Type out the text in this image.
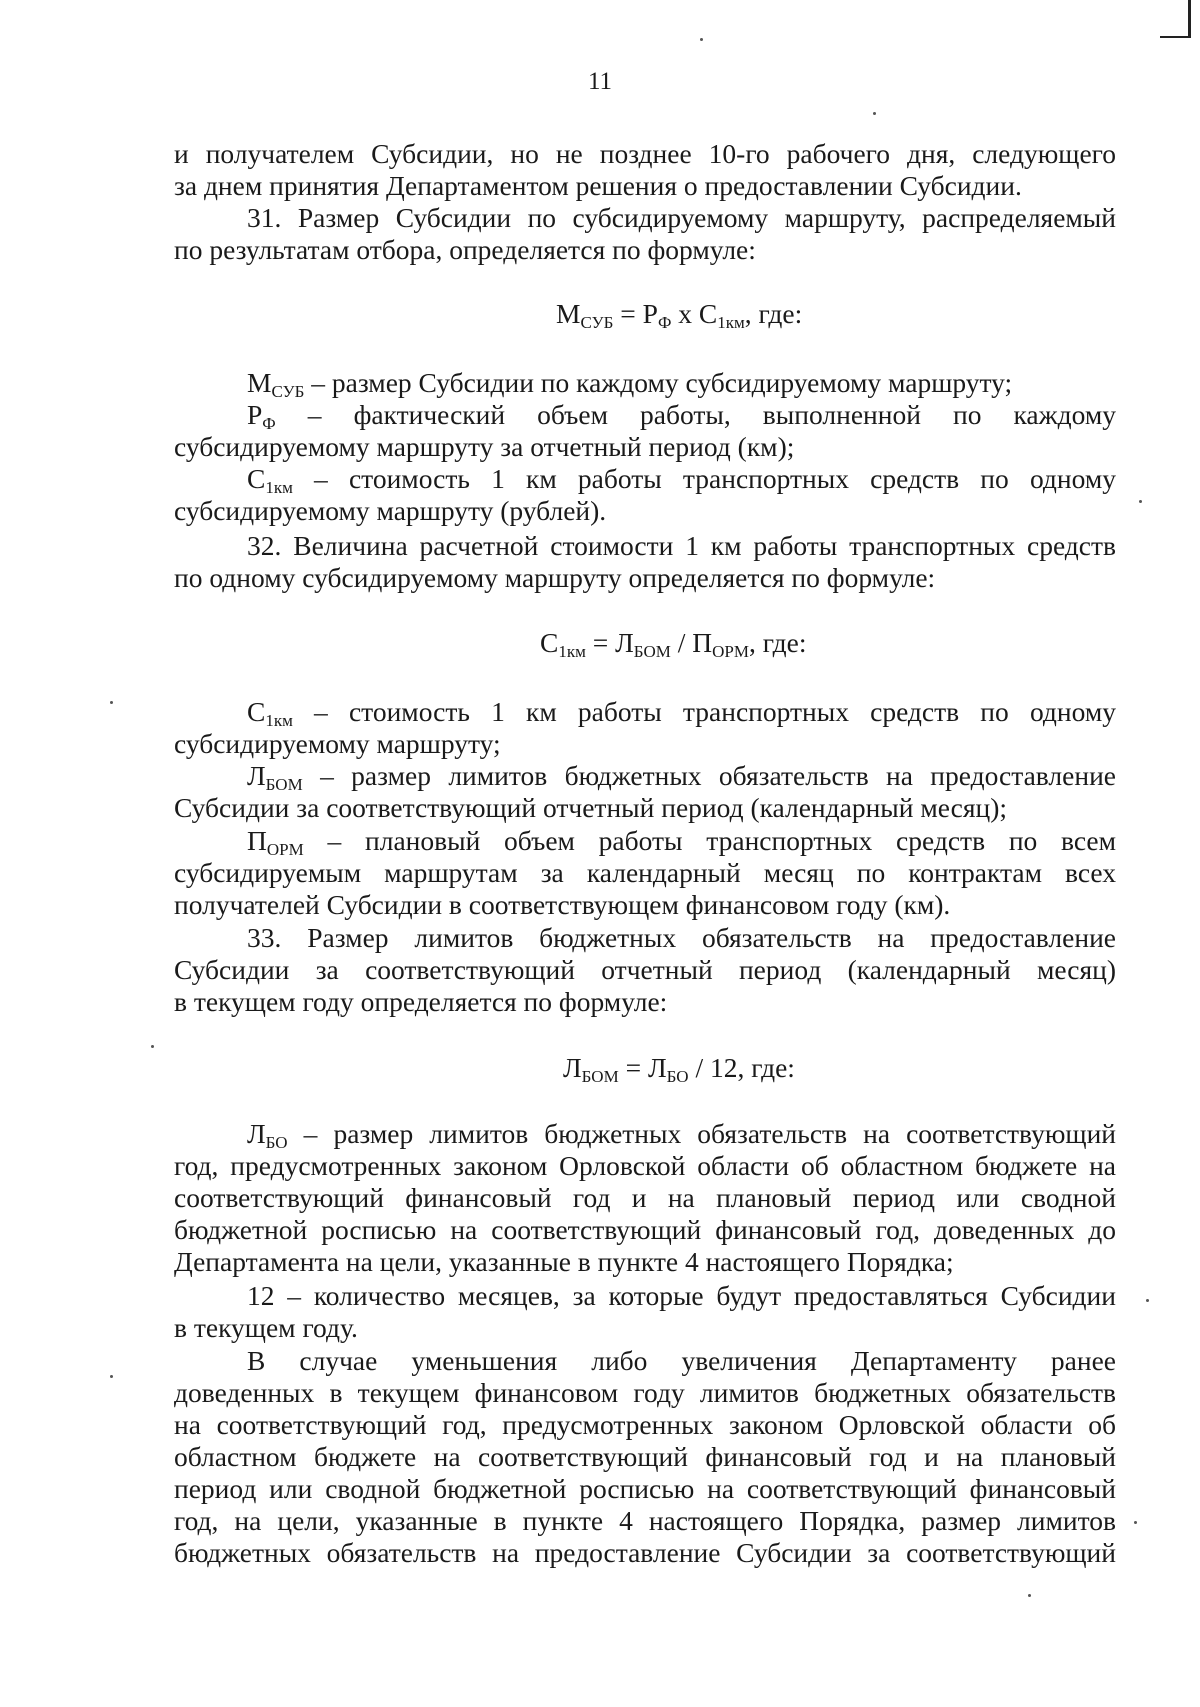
11
и получателем Субсидии, но не позднее 10-го рабочего дня, следующего
за днем принятия Департаментом решения о предоставлении Субсидии.
31. Размер Субсидии по субсидируемому маршруту, распределяемый
по результатам отбора, определяется по формуле:
$М_{СУБ} = Р_Ф$ х $С_{1км}$, где:
$М_{СУБ}$ – размер Субсидии по каждому субсидируемому маршруту;
$Р_Ф$ – фактический объем работы, выполненной по каждому
субсидируемому маршруту за отчетный период (км);
$С_{1км}$ – стоимость 1 км работы транспортных средств по одному
субсидируемому маршруту (рублей).
32. Величина расчетной стоимости 1 км работы транспортных средств
по одному субсидируемому маршруту определяется по формуле:
$С_{1км} = Л_{БОМ} / П_{ОРМ}$, где:
$С_{1км}$ – стоимость 1 км работы транспортных средств по одному
субсидируемому маршруту;
$Л_{БОМ}$ – размер лимитов бюджетных обязательств на предоставление
Субсидии за соответствующий отчетный период (календарный месяц);
$П_{ОРМ}$ – плановый объем работы транспортных средств по всем
субсидируемым маршрутам за календарный месяц по контрактам всех
получателей Субсидии в соответствующем финансовом году (км).
33. Размер лимитов бюджетных обязательств на предоставление
Субсидии за соответствующий отчетный период (календарный месяц)
в текущем году определяется по формуле:
$Л_{БОМ} = Л_{БО} / 12$, где:
$Л_{БО}$ – размер лимитов бюджетных обязательств на соответствующий
год, предусмотренных законом Орловской области об областном бюджете на
соответствующий финансовый год и на плановый период или сводной
бюджетной росписью на соответствующий финансовый год, доведенных до
Департамента на цели, указанные в пункте 4 настоящего Порядка;
12 – количество месяцев, за которые будут предоставляться Субсидии
в текущем году.
В случае уменьшения либо увеличения Департаменту ранее
доведенных в текущем финансовом году лимитов бюджетных обязательств
на соответствующий год, предусмотренных законом Орловской области об
областном бюджете на соответствующий финансовый год и на плановый
период или сводной бюджетной росписью на соответствующий финансовый
год, на цели, указанные в пункте 4 настоящего Порядка, размер лимитов
бюджетных обязательств на предоставление Субсидии за соответствующий
